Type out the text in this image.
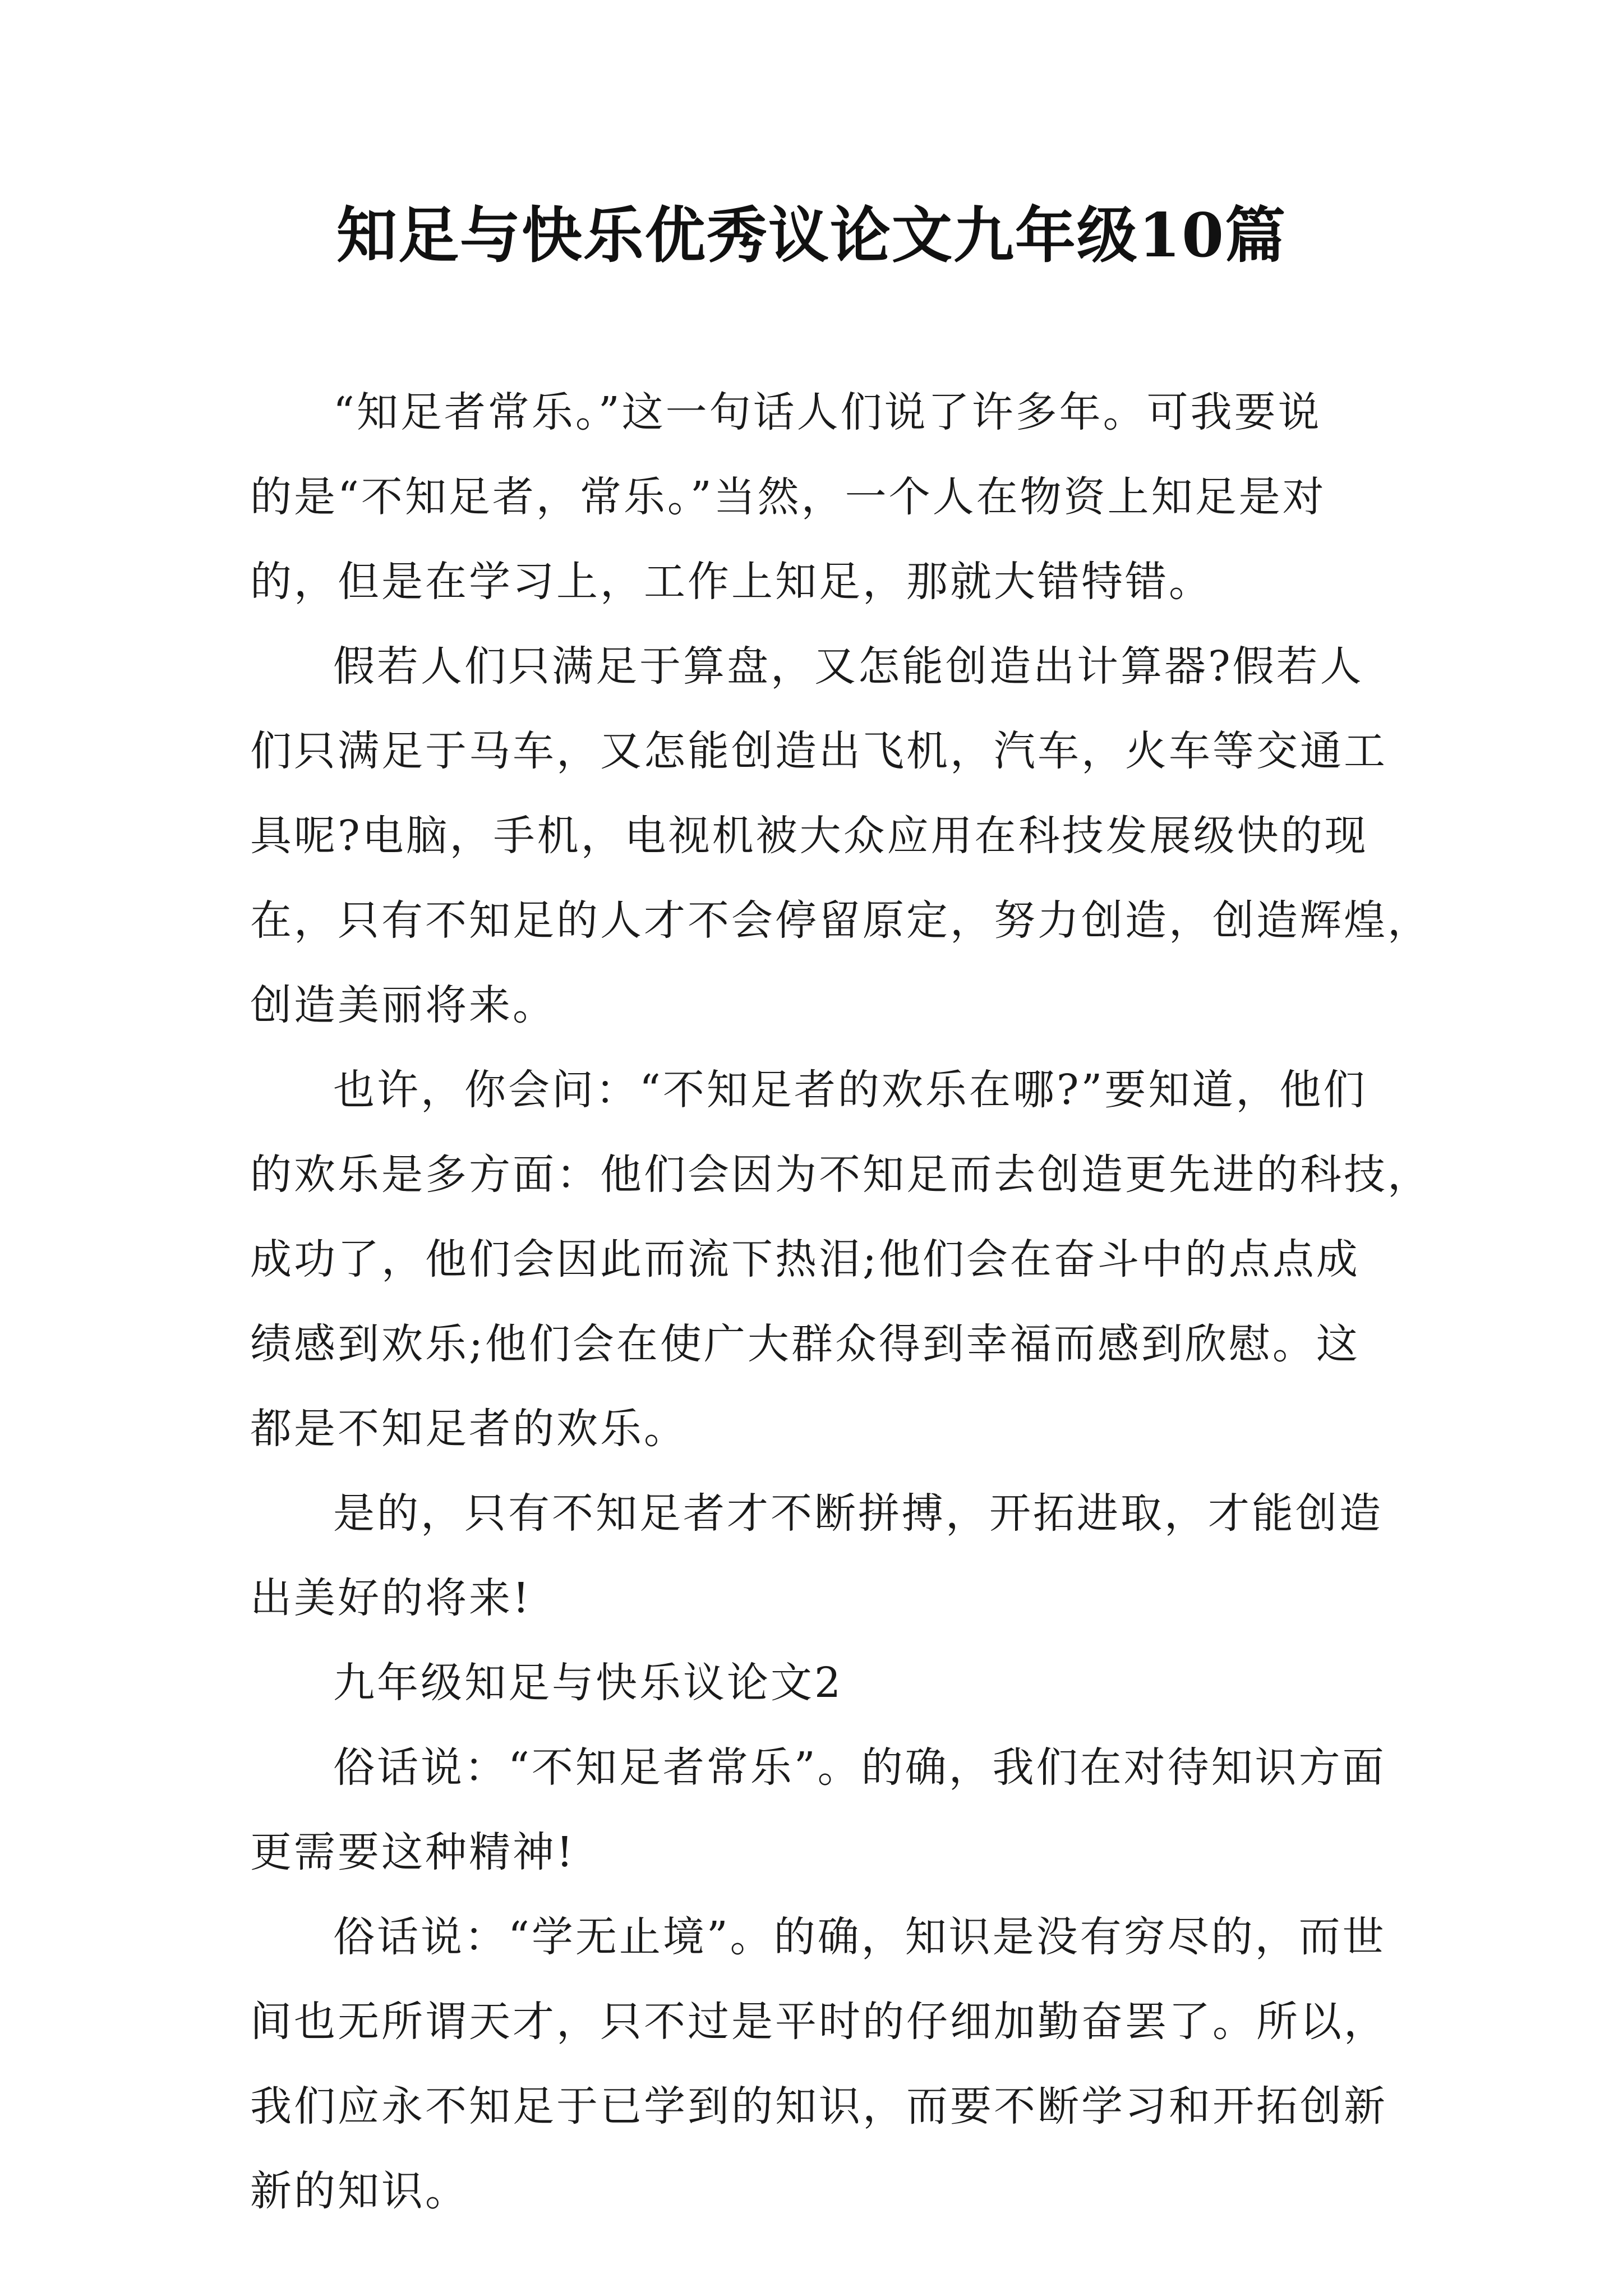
知足与快乐优秀议论文九年级10篇

“知足者常乐。”这一句话人们说了许多年。可我要说
的是“不知足者，常乐。”当然，一个人在物资上知足是对
的，但是在学习上，工作上知足，那就大错特错。

假若人们只满足于算盘，又怎能创造出计算器?假若人
们只满足于马车，又怎能创造出飞机，汽车，火车等交通工
具呢?电脑，手机，电视机被大众应用在科技发展级快的现
在，只有不知足的人才不会停留原定，努力创造，创造辉煌，
创造美丽将来。

也许，你会问：“不知足者的欢乐在哪?”要知道，他们
的欢乐是多方面：他们会因为不知足而去创造更先进的科技，
成功了，他们会因此而流下热泪;他们会在奋斗中的点点成
绩感到欢乐;他们会在使广大群众得到幸福而感到欣慰。这
都是不知足者的欢乐。

是的，只有不知足者才不断拼搏，开拓进取，才能创造
出美好的将来!

九年级知足与快乐议论文2

俗话说：“不知足者常乐”。的确，我们在对待知识方面
更需要这种精神!

俗话说：“学无止境”。的确，知识是没有穷尽的，而世
间也无所谓天才，只不过是平时的仔细加勤奋罢了。所以，
我们应永不知足于已学到的知识，而要不断学习和开拓创新
新的知识。
